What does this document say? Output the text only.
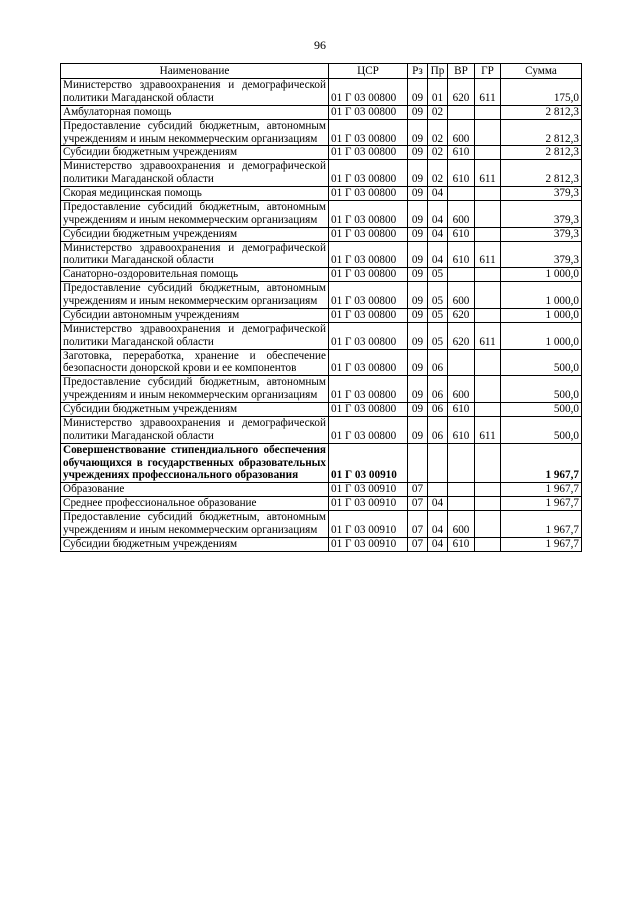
96
Наименование	ЦСР	Рз	Пр	ВР	ГР	Сумма
Министерство здравоохранения и демографической политики Магаданской области	01 Г 03 00800	09	01	620	611	175,0
Амбулаторная помощь	01 Г 03 00800	09	02			2 812,3
Предоставление субсидий бюджетным, автономным учреждениям и иным некоммерческим организациям	01 Г 03 00800	09	02	600		2 812,3
Субсидии бюджетным учреждениям	01 Г 03 00800	09	02	610		2 812,3
Министерство здравоохранения и демографической политики Магаданской области	01 Г 03 00800	09	02	610	611	2 812,3
Скорая медицинская помощь	01 Г 03 00800	09	04			379,3
Предоставление субсидий бюджетным, автономным учреждениям и иным некоммерческим организациям	01 Г 03 00800	09	04	600		379,3
Субсидии бюджетным учреждениям	01 Г 03 00800	09	04	610		379,3
Министерство здравоохранения и демографической политики Магаданской области	01 Г 03 00800	09	04	610	611	379,3
Санаторно-оздоровительная помощь	01 Г 03 00800	09	05			1 000,0
Предоставление субсидий бюджетным, автономным учреждениям и иным некоммерческим организациям	01 Г 03 00800	09	05	600		1 000,0
Субсидии автономным учреждениям	01 Г 03 00800	09	05	620		1 000,0
Министерство здравоохранения и демографической политики Магаданской области	01 Г 03 00800	09	05	620	611	1 000,0
Заготовка, переработка, хранение и обеспечение безопасности донорской крови и ее компонентов	01 Г 03 00800	09	06			500,0
Предоставление субсидий бюджетным, автономным учреждениям и иным некоммерческим организациям	01 Г 03 00800	09	06	600		500,0
Субсидии бюджетным учреждениям	01 Г 03 00800	09	06	610		500,0
Министерство здравоохранения и демографической политики Магаданской области	01 Г 03 00800	09	06	610	611	500,0
Совершенствование стипендиального обеспечения обучающихся в государственных образовательных учреждениях профессионального образования	01 Г 03 00910					1 967,7
Образование	01 Г 03 00910	07				1 967,7
Среднее профессиональное образование	01 Г 03 00910	07	04			1 967,7
Предоставление субсидий бюджетным, автономным учреждениям и иным некоммерческим организациям	01 Г 03 00910	07	04	600		1 967,7
Субсидии бюджетным учреждениям	01 Г 03 00910	07	04	610		1 967,7
